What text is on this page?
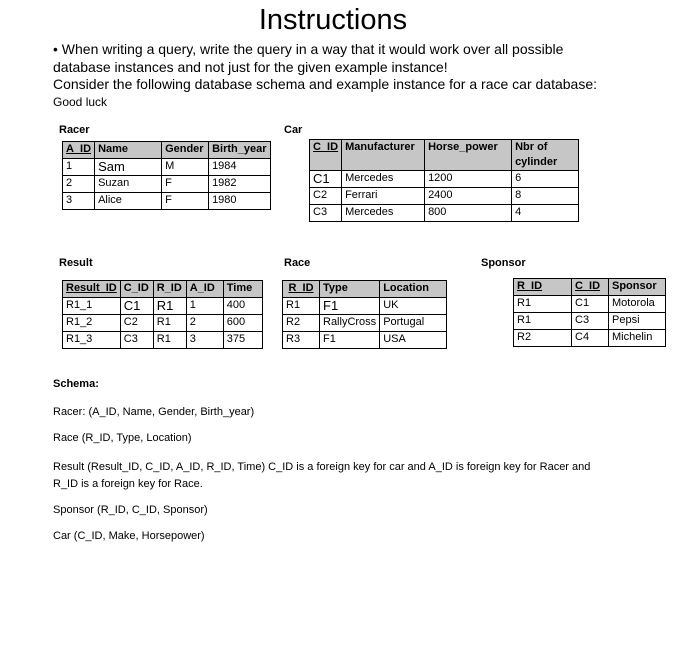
Instructions
• When writing a query, write the query in a way that it would work over all possible
database instances and not just for the given example instance!
Consider the following database schema and example instance for a race car database:
Good luck
Racer
A_ID	Name	Gender	Birth_year
1	Sam	M	1984
2	Suzan	F	1982
3	Alice	F	1980
Car
C_ID	Manufacturer	Horse_power	Nbr of cylinder
C1	Mercedes	1200	6
C2	Ferrari	2400	8
C3	Mercedes	800	4
Result
Result_ID	C_ID	R_ID	A_ID	Time
R1_1	C1	R1	1	400
R1_2	C2	R1	2	600
R1_3	C3	R1	3	375
Race
R_ID	Type	Location
R1	F1	UK
R2	RallyCross	Portugal
R3	F1	USA
Sponsor
R_ID	C_ID	Sponsor
R1	C1	Motorola
R1	C3	Pepsi
R2	C4	Michelin
Schema:
Racer: (A_ID, Name, Gender, Birth_year)
Race (R_ID, Type, Location)
Result (Result_ID, C_ID, A_ID, R_ID, Time) C_ID is a foreign key for car and A_ID is foreign key for Racer and R_ID is a foreign key for Race.
Sponsor (R_ID, C_ID, Sponsor)
Car (C_ID, Make, Horsepower)
